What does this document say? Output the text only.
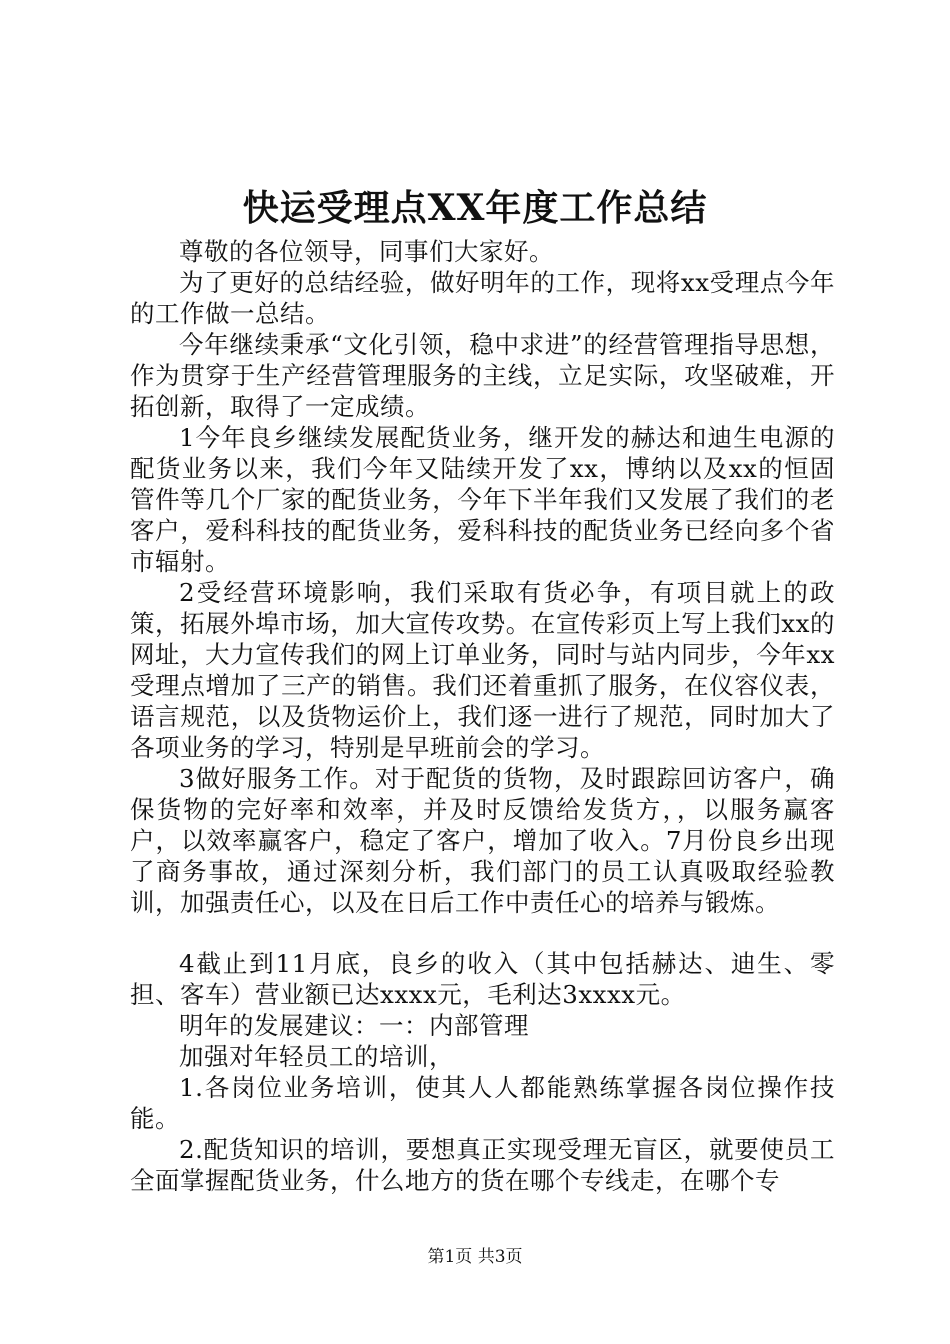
快运受理点XX年度工作总结

尊敬的各位领导，同事们大家好。

为了更好的总结经验，做好明年的工作，现将xx受理点今年的工作做一总结。

今年继续秉承“文化引领，稳中求进”的经营管理指导思想，作为贯穿于生产经营管理服务的主线，立足实际，攻坚破难，开拓创新，取得了一定成绩。

1今年良乡继续发展配货业务，继开发的赫达和迪生电源的配货业务以来，我们今年又陆续开发了xx，博纳以及xx的恒固管件等几个厂家的配货业务，今年下半年我们又发展了我们的老客户，爱科科技的配货业务，爱科科技的配货业务已经向多个省市辐射。

2受经营环境影响，我们采取有货必争，有项目就上的政策，拓展外埠市场，加大宣传攻势。在宣传彩页上写上我们xx的网址，大力宣传我们的网上订单业务，同时与站内同步，今年xx受理点增加了三产的销售。我们还着重抓了服务，在仪容仪表，语言规范，以及货物运价上，我们逐一进行了规范，同时加大了各项业务的学习，特别是早班前会的学习。

3做好服务工作。对于配货的货物，及时跟踪回访客户，确保货物的完好率和效率，并及时反馈给发货方，，以服务赢客户，以效率赢客户，稳定了客户，增加了收入。7月份良乡出现了商务事故，通过深刻分析，我们部门的员工认真吸取经验教训，加强责任心，以及在日后工作中责任心的培养与锻炼。

4截止到11月底，良乡的收入（其中包括赫达、迪生、零担、客车）营业额已达xxxx元，毛利达3xxxx元。

明年的发展建议：一：内部管理

加强对年轻员工的培训，

1.各岗位业务培训，使其人人都能熟练掌握各岗位操作技能。

2.配货知识的培训，要想真正实现受理无盲区，就要使员工全面掌握配货业务，什么地方的货在哪个专线走，在哪个专

第1页 共3页
